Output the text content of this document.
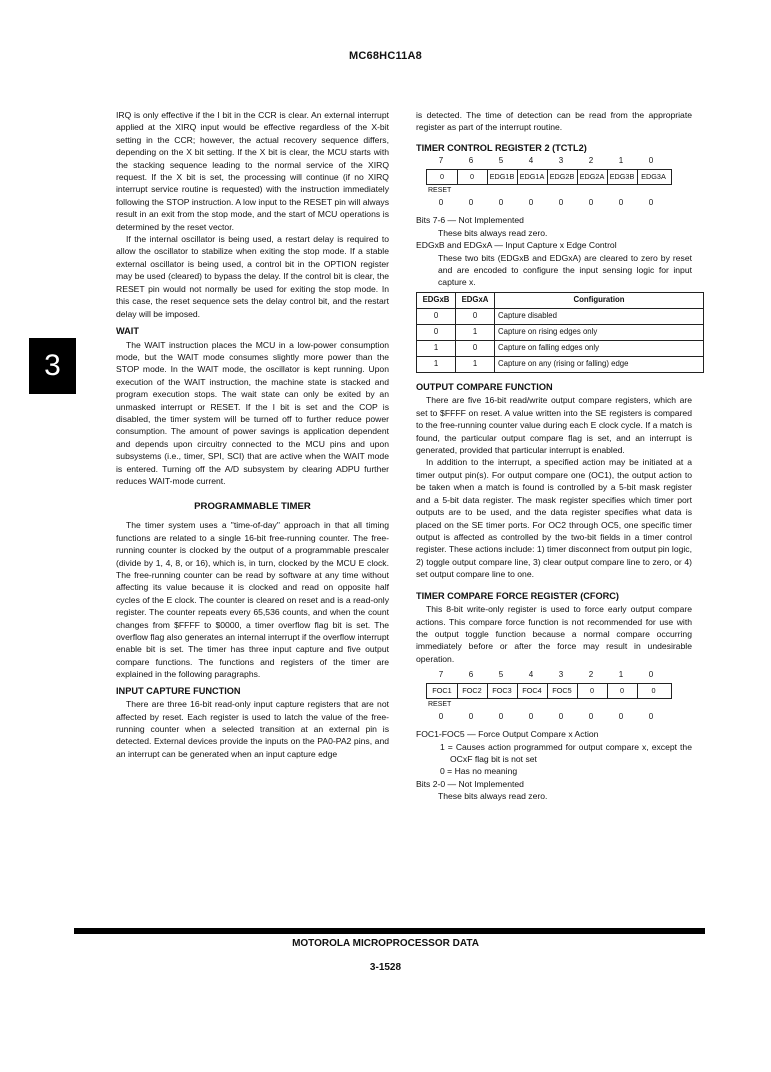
MC68HC11A8
3

IRQ is only effective if the I bit in the CCR is clear. An external interrupt applied at the XIRQ input would be effective regardless of the X-bit setting in the CCR; however, the actual recovery sequence differs, depending on the X bit setting. If the X bit is clear, the MCU starts with the stacking sequence leading to the normal service of the XIRQ request. If the X bit is set, the processing will continue (if no XIRQ interrupt service routine is requested) with the instruction immediately following the STOP instruction. A low input to the RESET pin will always result in an exit from the stop mode, and the start of MCU operations is determined by the reset vector.

If the internal oscillator is being used, a restart delay is required to allow the oscillator to stabilize when exiting the stop mode. If a stable external oscillator is being used, a control bit in the OPTION register may be used (cleared) to bypass the delay. If the control bit is clear, the RESET pin would not normally be used for exiting the stop mode. In this case, the reset sequence sets the delay control bit, and the restart delay will be imposed.

WAIT

The WAIT instruction places the MCU in a low-power consumption mode, but the WAIT mode consumes slightly more power than the STOP mode. In the WAIT mode, the oscillator is kept running. Upon execution of the WAIT instruction, the machine state is stacked and program execution stops. The wait state can only be exited by an unmasked interrupt or RESET. If the I bit is set and the COP is disabled, the timer system will be turned off to further reduce power consumption. The amount of power savings is application dependent and depends upon circuitry connected to the MCU pins and upon subsystems (i.e., timer, SPI, SCI) that are active when the WAIT mode is entered. Turning off the A/D subsystem by clearing ADPU further reduces WAIT-mode current.

PROGRAMMABLE TIMER

The timer system uses a "time-of-day" approach in that all timing functions are related to a single 16-bit free-running counter. The free-running counter is clocked by the output of a programmable prescaler (divide by 1, 4, 8, or 16), which is, in turn, clocked by the MCU E clock. The free-running counter can be read by software at any time without affecting its value because it is clocked and read on opposite half cycles of the E clock. The counter is cleared on reset and is a read-only register. The counter repeats every 65,536 counts, and when the count changes from $FFFF to $0000, a timer overflow flag bit is set. The overflow flag also generates an internal interrupt if the overflow interrupt enable bit is set. The timer has three input capture and five output compare functions. The functions and registers of the timer are explained in the following paragraphs.

INPUT CAPTURE FUNCTION

There are three 16-bit read-only input capture registers that are not affected by reset. Each register is used to latch the value of the free-running counter when a selected transition at an external pin is detected. External devices provide the inputs on the PA0-PA2 pins, and an interrupt can be generated when an input capture edge

is detected. The time of detection can be read from the appropriate register as part of the interrupt routine.

TIMER CONTROL REGISTER 2 (TCTL2)
7	6	5	4	3	2	1	0
0	0	EDG1B EDG1A EDG2B EDG2A EDG3B EDG3A
RESET
0	0	0	0	0	0	0	0

Bits 7-6 — Not Implemented

These bits always read zero.

EDGxB and EDGxA — Input Capture x Edge Control

These two bits (EDGxB and EDGxA) are cleared to zero by reset and are encoded to configure the input sensing logic for input capture x.

EDGxB	EDGxA	Configuration
0	0	Capture disabled
0	1	Capture on rising edges only
1	0	Capture on falling edges only
1	1	Capture on any (rising or falling) edge
OUTPUT COMPARE FUNCTION

There are five 16-bit read/write output compare registers, which are set to $FFFF on reset. A value written into the SE registers is compared to the free-running counter value during each E clock cycle. If a match is found, the particular output compare flag is set, and an interrupt is generated, provided that particular interrupt is enabled.

In addition to the interrupt, a specified action may be initiated at a timer output pin(s). For output compare one (OC1), the output action to be taken when a match is found is controlled by a 5-bit mask register and a 5-bit data register. The mask register specifies which timer port outputs are to be used, and the data register specifies what data is placed on the SE timer ports. For OC2 through OC5, one specific timer output is affected as controlled by the two-bit fields in a timer control register. These actions include: 1) timer disconnect from output pin logic, 2) toggle output compare line, 3) clear output compare line to zero, or 4) set output compare line to one.

TIMER COMPARE FORCE REGISTER (CFORC)

This 8-bit write-only register is used to force early output compare actions. This compare force function is not recommended for use with the output toggle function because a normal compare occurring immediately before or after the force may result in undesirable operation.

7	6	5	4	3	2	1	0
FOC1	FOC2	FOC3	FOC4	FOC5	0	0	0
RESET
0	0	0	0	0	0	0	0

FOC1-FOC5 — Force Output Compare x Action

1 = Causes action programmed for output compare x, except the OCxF flag bit is not set

0 = Has no meaning

Bits 2-0 — Not Implemented

These bits always read zero.

MOTOROLA MICROPROCESSOR DATA
3-1528
